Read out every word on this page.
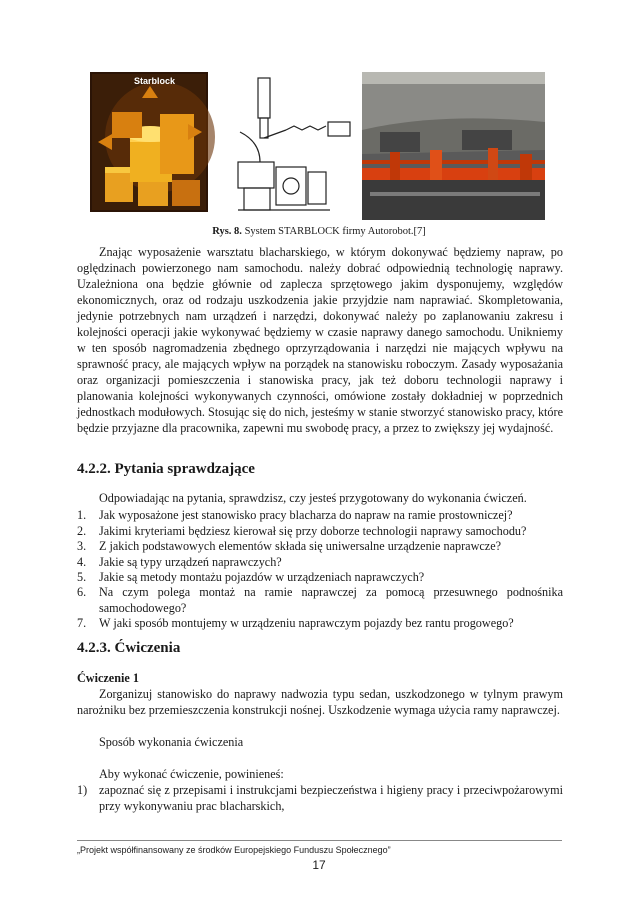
Starblock
Rys. 8. System STARBLOCK firmy Autorobot.[7]

Znając wyposażenie warsztatu blacharskiego, w którym dokonywać będziemy napraw, po oględzinach powierzonego nam samochodu. należy dobrać odpowiednią technologię naprawy. Uzależniona ona będzie głównie od zaplecza sprzętowego jakim dysponujemy, względów ekonomicznych, oraz od rodzaju uszkodzenia jakie przyjdzie nam naprawiać. Skompletowania, jedynie potrzebnych nam urządzeń i narzędzi, dokonywać należy po zaplanowaniu zakresu i kolejności operacji jakie wykonywać będziemy w czasie naprawy danego samochodu. Unikniemy w ten sposób nagromadzenia zbędnego oprzyrządowania i narzędzi nie mających wpływu na sprawność pracy, ale mających wpływ na porządek na stanowisku roboczym. Zasady wyposażania oraz organizacji pomieszczenia i stanowiska pracy, jak też doboru technologii naprawy i planowania kolejności wykonywanych czynności, omówione zostały dokładniej w poprzednich jednostkach modułowych. Stosując się do nich, jesteśmy w stanie stworzyć stanowisko pracy, które będzie przyjazne dla pracownika, zapewni mu swobodę pracy, a przez to zwiększy jej wydajność.

4.2.2. Pytania sprawdzające
Odpowiadając na pytania, sprawdzisz, czy jesteś przygotowany do wykonania ćwiczeń.
1.	Jak wyposażone jest stanowisko pracy blacharza do napraw na ramie prostowniczej?
2.	Jakimi kryteriami będziesz kierował się przy doborze technologii naprawy samochodu?
3.	Z jakich podstawowych elementów składa się uniwersalne urządzenie naprawcze?
4.	Jakie są typy urządzeń naprawczych?
5.	Jakie są metody montażu pojazdów w urządzeniach naprawczych?
6.	Na czym polega montaż na ramie naprawczej za pomocą przesuwnego podnośnika samochodowego?
7.	W jaki sposób montujemy w urządzeniu naprawczym pojazdy bez rantu progowego?
4.2.3. Ćwiczenia
Ćwiczenie 1
Zorganizuj stanowisko do naprawy nadwozia typu sedan, uszkodzonego w tylnym prawym narożniku bez przemieszczenia konstrukcji nośnej. Uszkodzenie wymaga użycia ramy naprawczej.
Sposób wykonania ćwiczenia
Aby wykonać ćwiczenie, powinieneś:
1) zapoznać się z przepisami i instrukcjami bezpieczeństwa i higieny pracy i przeciwpożarowymi przy wykonywaniu prac blacharskich,
„Projekt współfinansowany ze środków Europejskiego Funduszu Społecznego”
17
